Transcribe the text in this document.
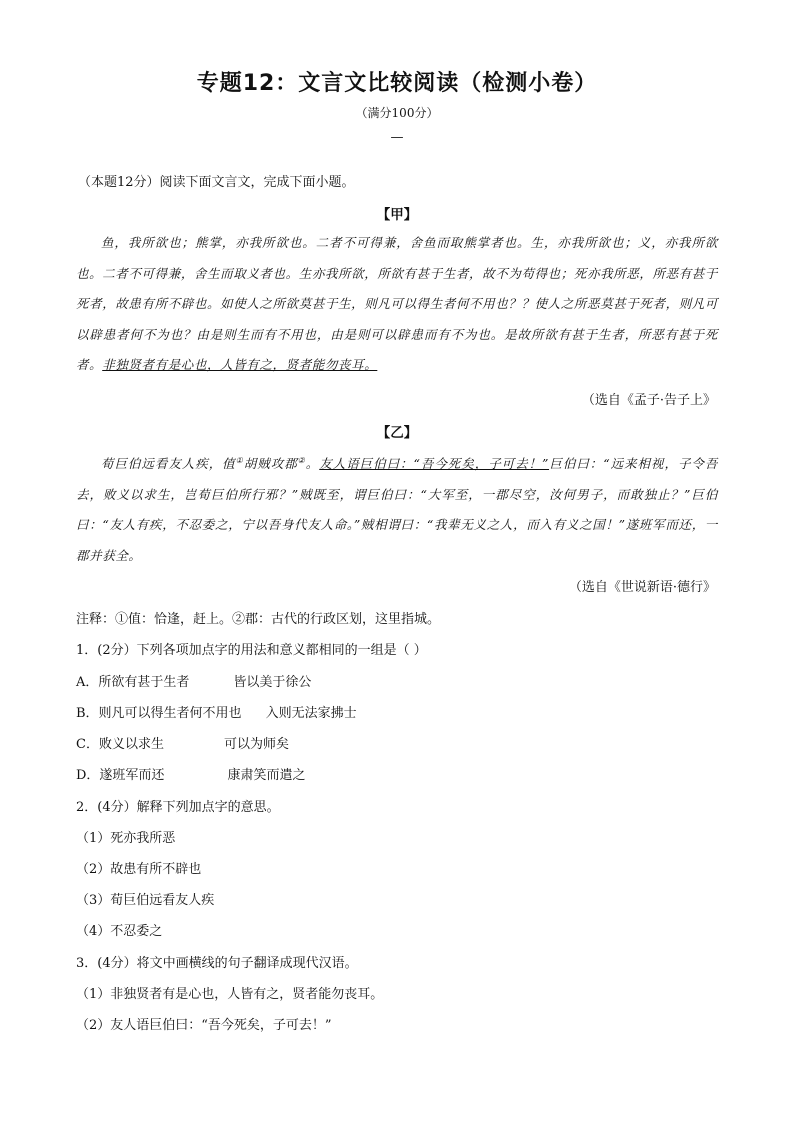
专题12：文言文比较阅读（检测小卷）
（满分100分）
—
（本题12分）阅读下面文言文，完成下面小题。
【甲】
鱼，我所欲也；熊掌，亦我所欲也。二者不可得兼，舍鱼而取熊掌者也。生，亦我所欲也；义，亦我所欲也。二者不可得兼，舍生而取义者也。生亦我所欲，所欲有甚于生者，故不为苟得也；死亦我所恶，所恶有甚于死者，故患有所不辟也。如使人之所欲莫甚于生，则凡可以得生者何不用也？？使人之所恶莫甚于死者，则凡可以辟患者何不为也？由是则生而有不用也，由是则可以辟患而有不为也。是故所欲有甚于生者，所恶有甚于死者。非独贤者有是心也，人皆有之，贤者能勿丧耳。
（选自《孟子·告子上》
【乙】
荀巨伯远看友人疾，值①胡贼攻郡②。友人语巨伯曰：“吾今死矣，子可去！”巨伯曰：“远来相视，子令吾去，败义以求生，岂荀巨伯所行邪？”贼既至，谓巨伯曰：“大军至，一郡尽空，汝何男子，而敢独止？”巨伯曰：“友人有疾，不忍委之，宁以吾身代友人命。”贼相谓曰：“我辈无义之人，而入有义之国！”遂班军而还，一郡并获全。
（选自《世说新语·德行》
注释：①值：恰逢，赶上。②郡：古代的行政区划，这里指城。
1．(2分）下列各项加点字的用法和意义都相同的一组是（ ）
A．所欲有甚于生者	皆以美于徐公
B．则凡可以得生者何不用也 入则无法家拂士
C．败义以求生	可以为师矣
D．遂班军而还	康肃笑而遣之
2．(4分）解释下列加点字的意思。
（1）死亦我所恶
（2）故患有所不辟也
（3）荀巨伯远看友人疾
（4）不忍委之
3．(4分）将文中画横线的句子翻译成现代汉语。
（1）非独贤者有是心也，人皆有之，贤者能勿丧耳。
（2）友人语巨伯曰：“吾今死矣，子可去！”
